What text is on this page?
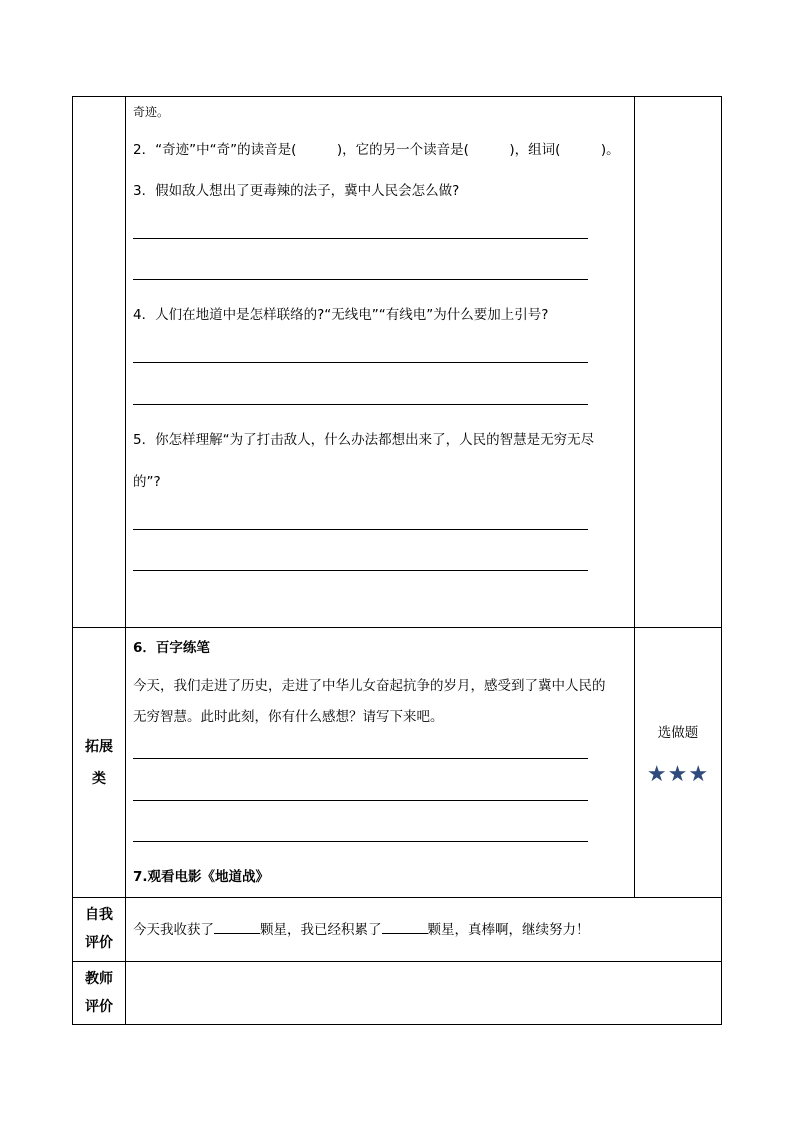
奇迹。
2．“奇迹”中“奇”的读音是(　　　)，它的另一个读音是(　　　)，组词(　　　)。
3．假如敌人想出了更毒辣的法子，冀中人民会怎么做?
4．人们在地道中是怎样联络的?“无线电”“有线电”为什么要加上引号?
5．你怎样理解“为了打击敌人，什么办法都想出来了，人民的智慧是无穷无尽
的”?
拓展
类
6．百字练笔
今天，我们走进了历史，走进了中华儿女奋起抗争的岁月，感受到了冀中人民的
无穷智慧。此时此刻，你有什么感想？请写下来吧。
7.观看电影《地道战》
选做题
★★★
自我
评价
今天我收获了	颗星，我已经积累了	颗星，真棒啊，继续努力！
教师
评价
